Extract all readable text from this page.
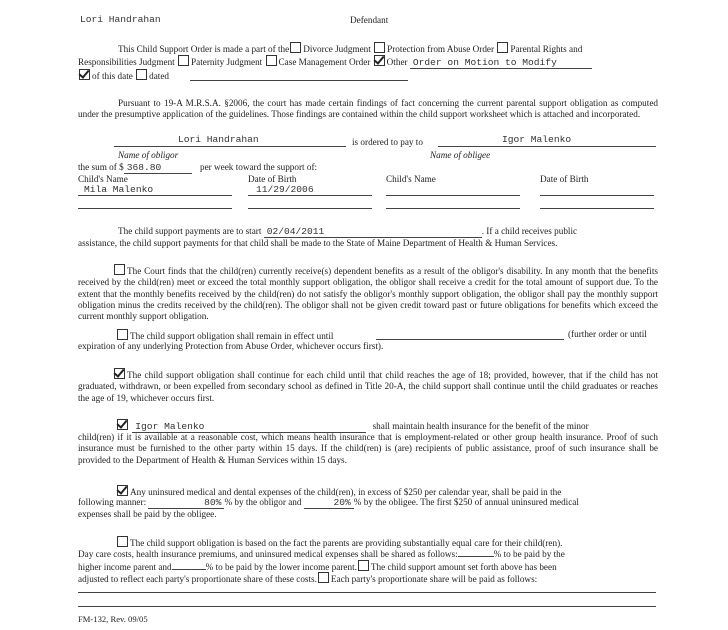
Lori Handrahan	Defendant
This Child Support Order is made a part of the Divorce Judgment Protection from Abuse Order Parental Rights and
Responsibilities Judgment Paternity Judgment Case Management Order Other Order on Motion to Modify
of this date dated
Pursuant to 19-A M.R.S.A. §2006, the court has made certain findings of fact concerning the current parental support obligation as computed under the presumptive application of the guidelines. Those findings are contained within the child support worksheet which is attached and incorporated.
Lori Handrahan	is ordered to pay to	Igor Malenko
Name of obligor	Name of obligee
the sum of $ 368.80	per week toward the support of:
Child's Name	Date of Birth	Child's Name	Date of Birth
Mila Malenko	11/29/2006
The child support payments are to start 02/04/2011	. If a child receives public
assistance, the child support payments for that child shall be made to the State of Maine Department of Health & Human Services.
The Court finds that the child(ren) currently receive(s) dependent benefits as a result of the obligor's disability. In any month that the benefits received by the child(ren) meet or exceed the total monthly support obligation, the obligor shall receive a credit for the total amount of support due. To the extent that the monthly benefits received by the child(ren) do not satisfy the obligor's monthly support obligation, the obligor shall pay the monthly support obligation minus the credits received by the child(ren). The obligor shall not be given credit toward past or future obligations for benefits which exceed the current monthly support obligation.
The child support obligation shall remain in effect until	(further order or until
expiration of any underlying Protection from Abuse Order, whichever occurs first).
The child support obligation shall continue for each child until that child reaches the age of 18; provided, however, that if the child has not graduated, withdrawn, or been expelled from secondary school as defined in Title 20-A, the child support shall continue until the child graduates or reaches the age of 19, whichever occurs first.
Igor Malenko	shall maintain health insurance for the benefit of the minor
child(ren) if it is available at a reasonable cost, which means health insurance that is employment-related or other group health insurance. Proof of such insurance must be furnished to the other party within 15 days. If the child(ren) is (are) recipients of public assistance, proof of such insurance shall be provided to the Department of Health & Human Services within 15 days.
Any uninsured medical and dental expenses of the child(ren), in excess of $250 per calendar year, shall be paid in the
following manner:	80% % by the obligor and	20% % by the obligee. The first $250 of annual uninsured medical
expenses shall be paid by the obligee.
The child support obligation is based on the fact the parents are providing substantially equal care for their child(ren).
Day care costs, health insurance premiums, and uninsured medical expenses shall be shared as follows:	% to be paid by the
higher income parent and	% to be paid by the lower income parent. The child support amount set forth above has been
adjusted to reflect each party's proportionate share of these costs. Each party's proportionate share will be paid as follows:
FM-132, Rev. 09/05
